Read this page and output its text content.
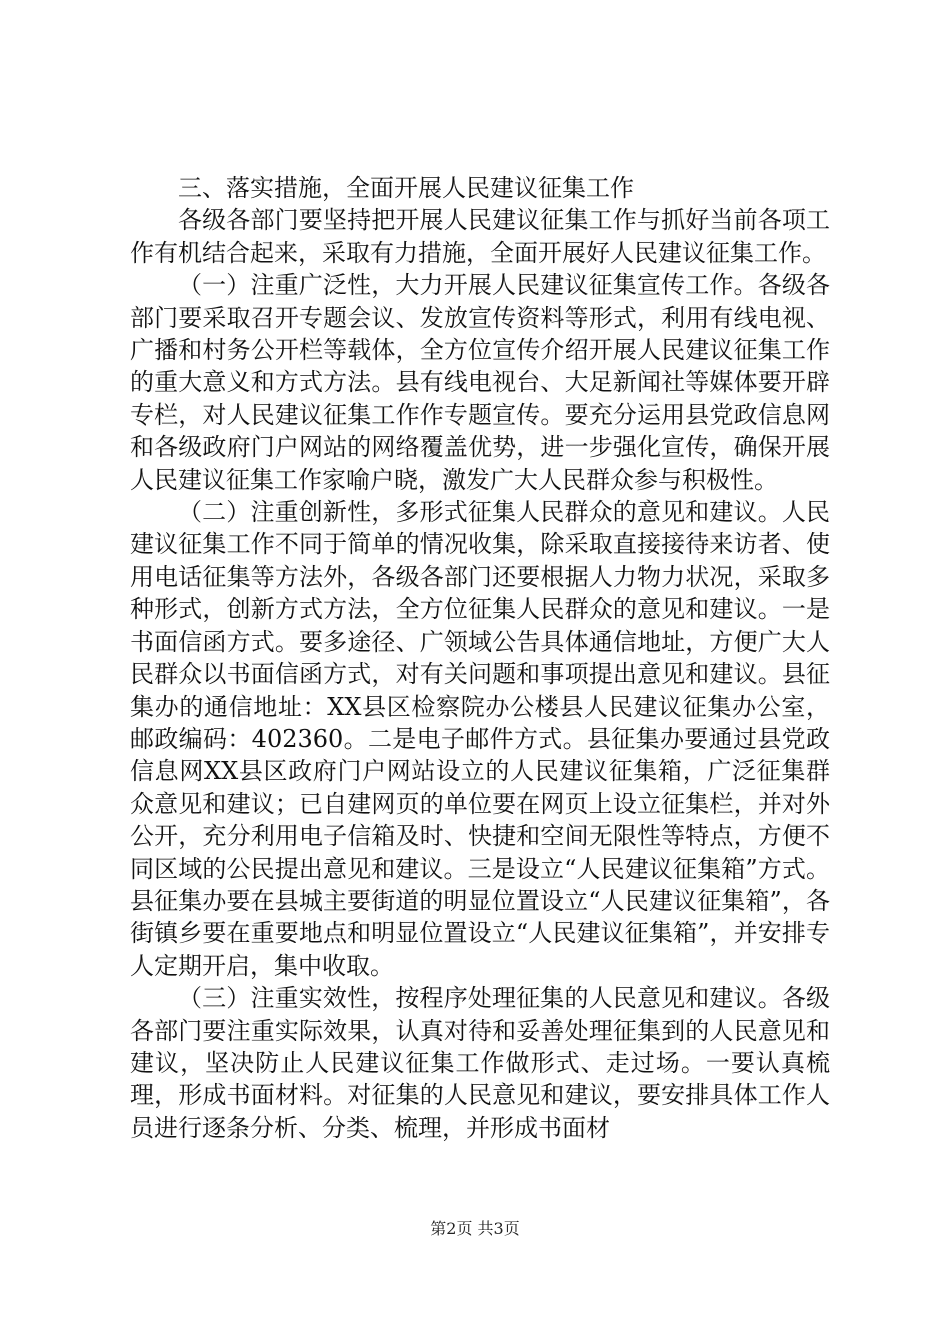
三、落实措施，全面开展人民建议征集工作

各级各部门要坚持把开展人民建议征集工作与抓好当前各项工作有机结合起来，采取有力措施，全面开展好人民建议征集工作。

（一）注重广泛性，大力开展人民建议征集宣传工作。各级各部门要采取召开专题会议、发放宣传资料等形式，利用有线电视、广播和村务公开栏等载体，全方位宣传介绍开展人民建议征集工作的重大意义和方式方法。县有线电视台、大足新闻社等媒体要开辟专栏，对人民建议征集工作作专题宣传。要充分运用县党政信息网和各级政府门户网站的网络覆盖优势，进一步强化宣传，确保开展人民建议征集工作家喻户晓，激发广大人民群众参与积极性。

（二）注重创新性，多形式征集人民群众的意见和建议。人民建议征集工作不同于简单的情况收集，除采取直接接待来访者、使用电话征集等方法外，各级各部门还要根据人力物力状况，采取多种形式，创新方式方法，全方位征集人民群众的意见和建议。一是书面信函方式。要多途径、广领域公告具体通信地址，方便广大人民群众以书面信函方式，对有关问题和事项提出意见和建议。县征集办的通信地址：XX县区检察院办公楼县人民建议征集办公室，邮政编码：402360。二是电子邮件方式。县征集办要通过县党政信息网XX县区政府门户网站设立的人民建议征集箱，广泛征集群众意见和建议；已自建网页的单位要在网页上设立征集栏，并对外公开，充分利用电子信箱及时、快捷和空间无限性等特点，方便不同区域的公民提出意见和建议。三是设立“人民建议征集箱”方式。县征集办要在县城主要街道的明显位置设立“人民建议征集箱”，各街镇乡要在重要地点和明显位置设立“人民建议征集箱”，并安排专人定期开启，集中收取。

（三）注重实效性，按程序处理征集的人民意见和建议。各级各部门要注重实际效果，认真对待和妥善处理征集到的人民意见和建议，坚决防止人民建议征集工作做形式、走过场。一要认真梳理，形成书面材料。对征集的人民意见和建议，要安排具体工作人员进行逐条分析、分类、梳理，并形成书面材

第2页 共3页
